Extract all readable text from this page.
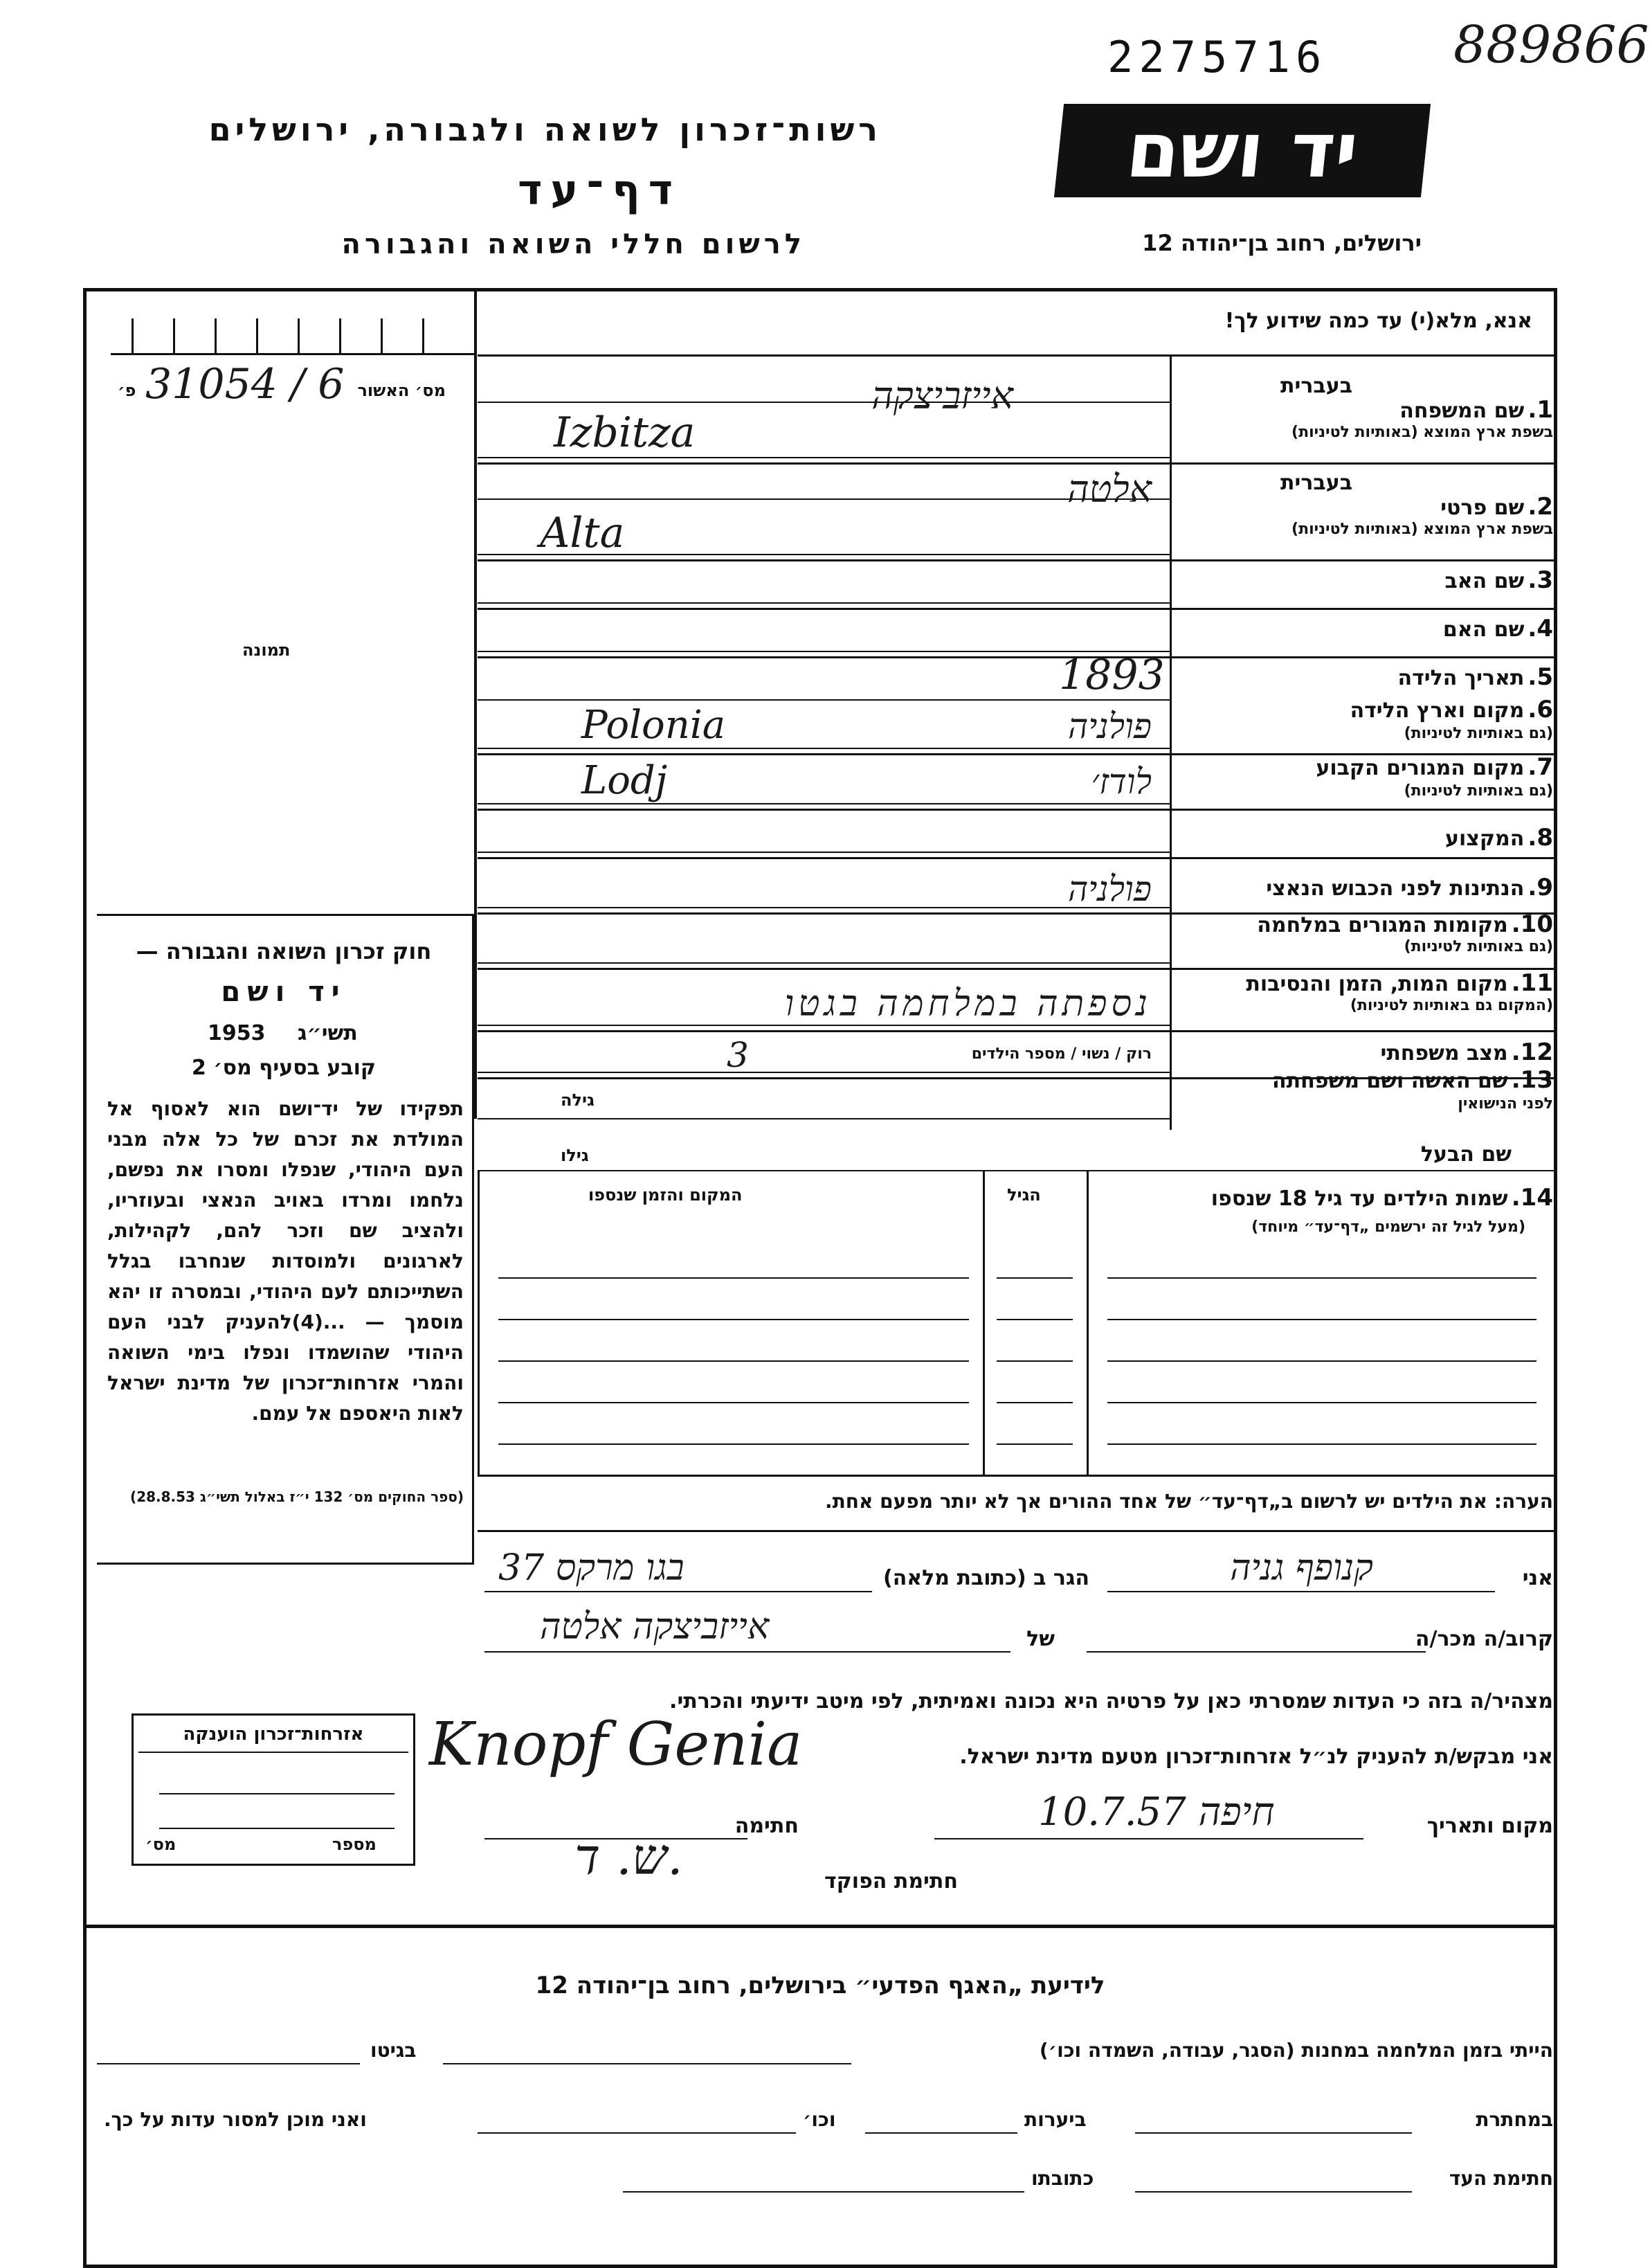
2275716 889866
יד ושם
רשות־זכרון לשואה ולגבורה, ירושלים
דף־עד
לרשום חללי השואה והגבורה	ירושלים, רחוב בן־יהודה 12
אנא, מלא(י) עד כמה שידוע לך!
מס׳ האשור
פ׳ 31054 / 6
תמונה
חוק זכרון השואה והגבורה —
יד ושם
1953 תשי״ג
קובע בסעיף מס׳ 2
תפקידו של יד־ושם הוא לאסוף אל המולדת את זכרם של כל אלה מבני העם היהודי, שנפלו ומסרו את נפשם, נלחמו ומרדו באויב הנאצי ובעוזריו, ולהציב שם וזכר להם, לקהילות, לארגונים ולמוסדות שנחרבו בגלל השתייכותם לעם היהודי, ובמסרה זו יהא מוסמך — ...(4)להעניק לבני העם היהודי שהושמדו ונפלו בימי השואה והמרי אזרחות־זכרון של מדינת ישראל לאות היאספם אל עמם.
(ספר החוקים מס׳ 132 י״ז באלול תשי״ג 28.8.53)
בעברית
1. שם המשפחה
בשפת ארץ המוצא (באותיות לטיניות)
אייזביצקה
Izbitza
בעברית
2. שם פרטי
בשפת ארץ המוצא (באותיות לטיניות)
אלטה
Alta
3. שם האב
4. שם האם
5. תאריך הלידה
1893
6. מקום וארץ הלידה
(גם באותיות לטיניות)
פולניה
Polonia
7. מקום המגורים הקבוע
(גם באותיות לטיניות)
לודז׳
Lodj
8. המקצוע
9. הנתינות לפני הכבוש הנאצי
פולניה
10. מקומות המגורים במלחמה
(גם באותיות לטיניות)
11. מקום המות, הזמן והנסיבות
(המקום גם באותיות לטיניות)
נספתה במלחמה בגטו
12. מצב משפחתי
רוק / נשוי / מספר הילדים
3
13. שם האשה ושם משפחתה
לפני הנישואין
גילה
שם הבעל
גילו
14. שמות הילדים עד גיל 18 שנספו
(מעל לגיל זה ירשמים „דף־עד״ מיוחד)
הגיל
המקום והזמן שנספו
הערה: את הילדים יש לרשום ב„דף־עד״ של אחד ההורים אך לא יותר מפעם אחת.
אני
קנופף גניה
הגר ב (כתובת מלאה)
בגו מרקס 37
קרוב/ה מכר/ה
של
אייזביצקה אלטה
מצהיר/ה בזה כי העדות שמסרתי כאן על פרטיה היא נכונה ואמיתית, לפי מיטב ידיעתי והכרתי.
אני מבקש/ת להעניק לנ״ל אזרחות־זכרון מטעם מדינת ישראל.
Knopf Genia
מקום ותאריך
חיפה 10.7.57
חתימה
חתימת הפוקד
ש. ד.
אזרחות־זכרון הוענקה
מספר
מס׳
לידיעת „האגף הפדעי״ בירושלים, רחוב בן־יהודה 12
הייתי בזמן המלחמה במחנות (הסגר, עבודה, השמדה וכו׳)
בגיטו
במחתרת
ביערות
וכו׳
ואני מוכן למסור עדות על כך.
חתימת העד
כתובתו
